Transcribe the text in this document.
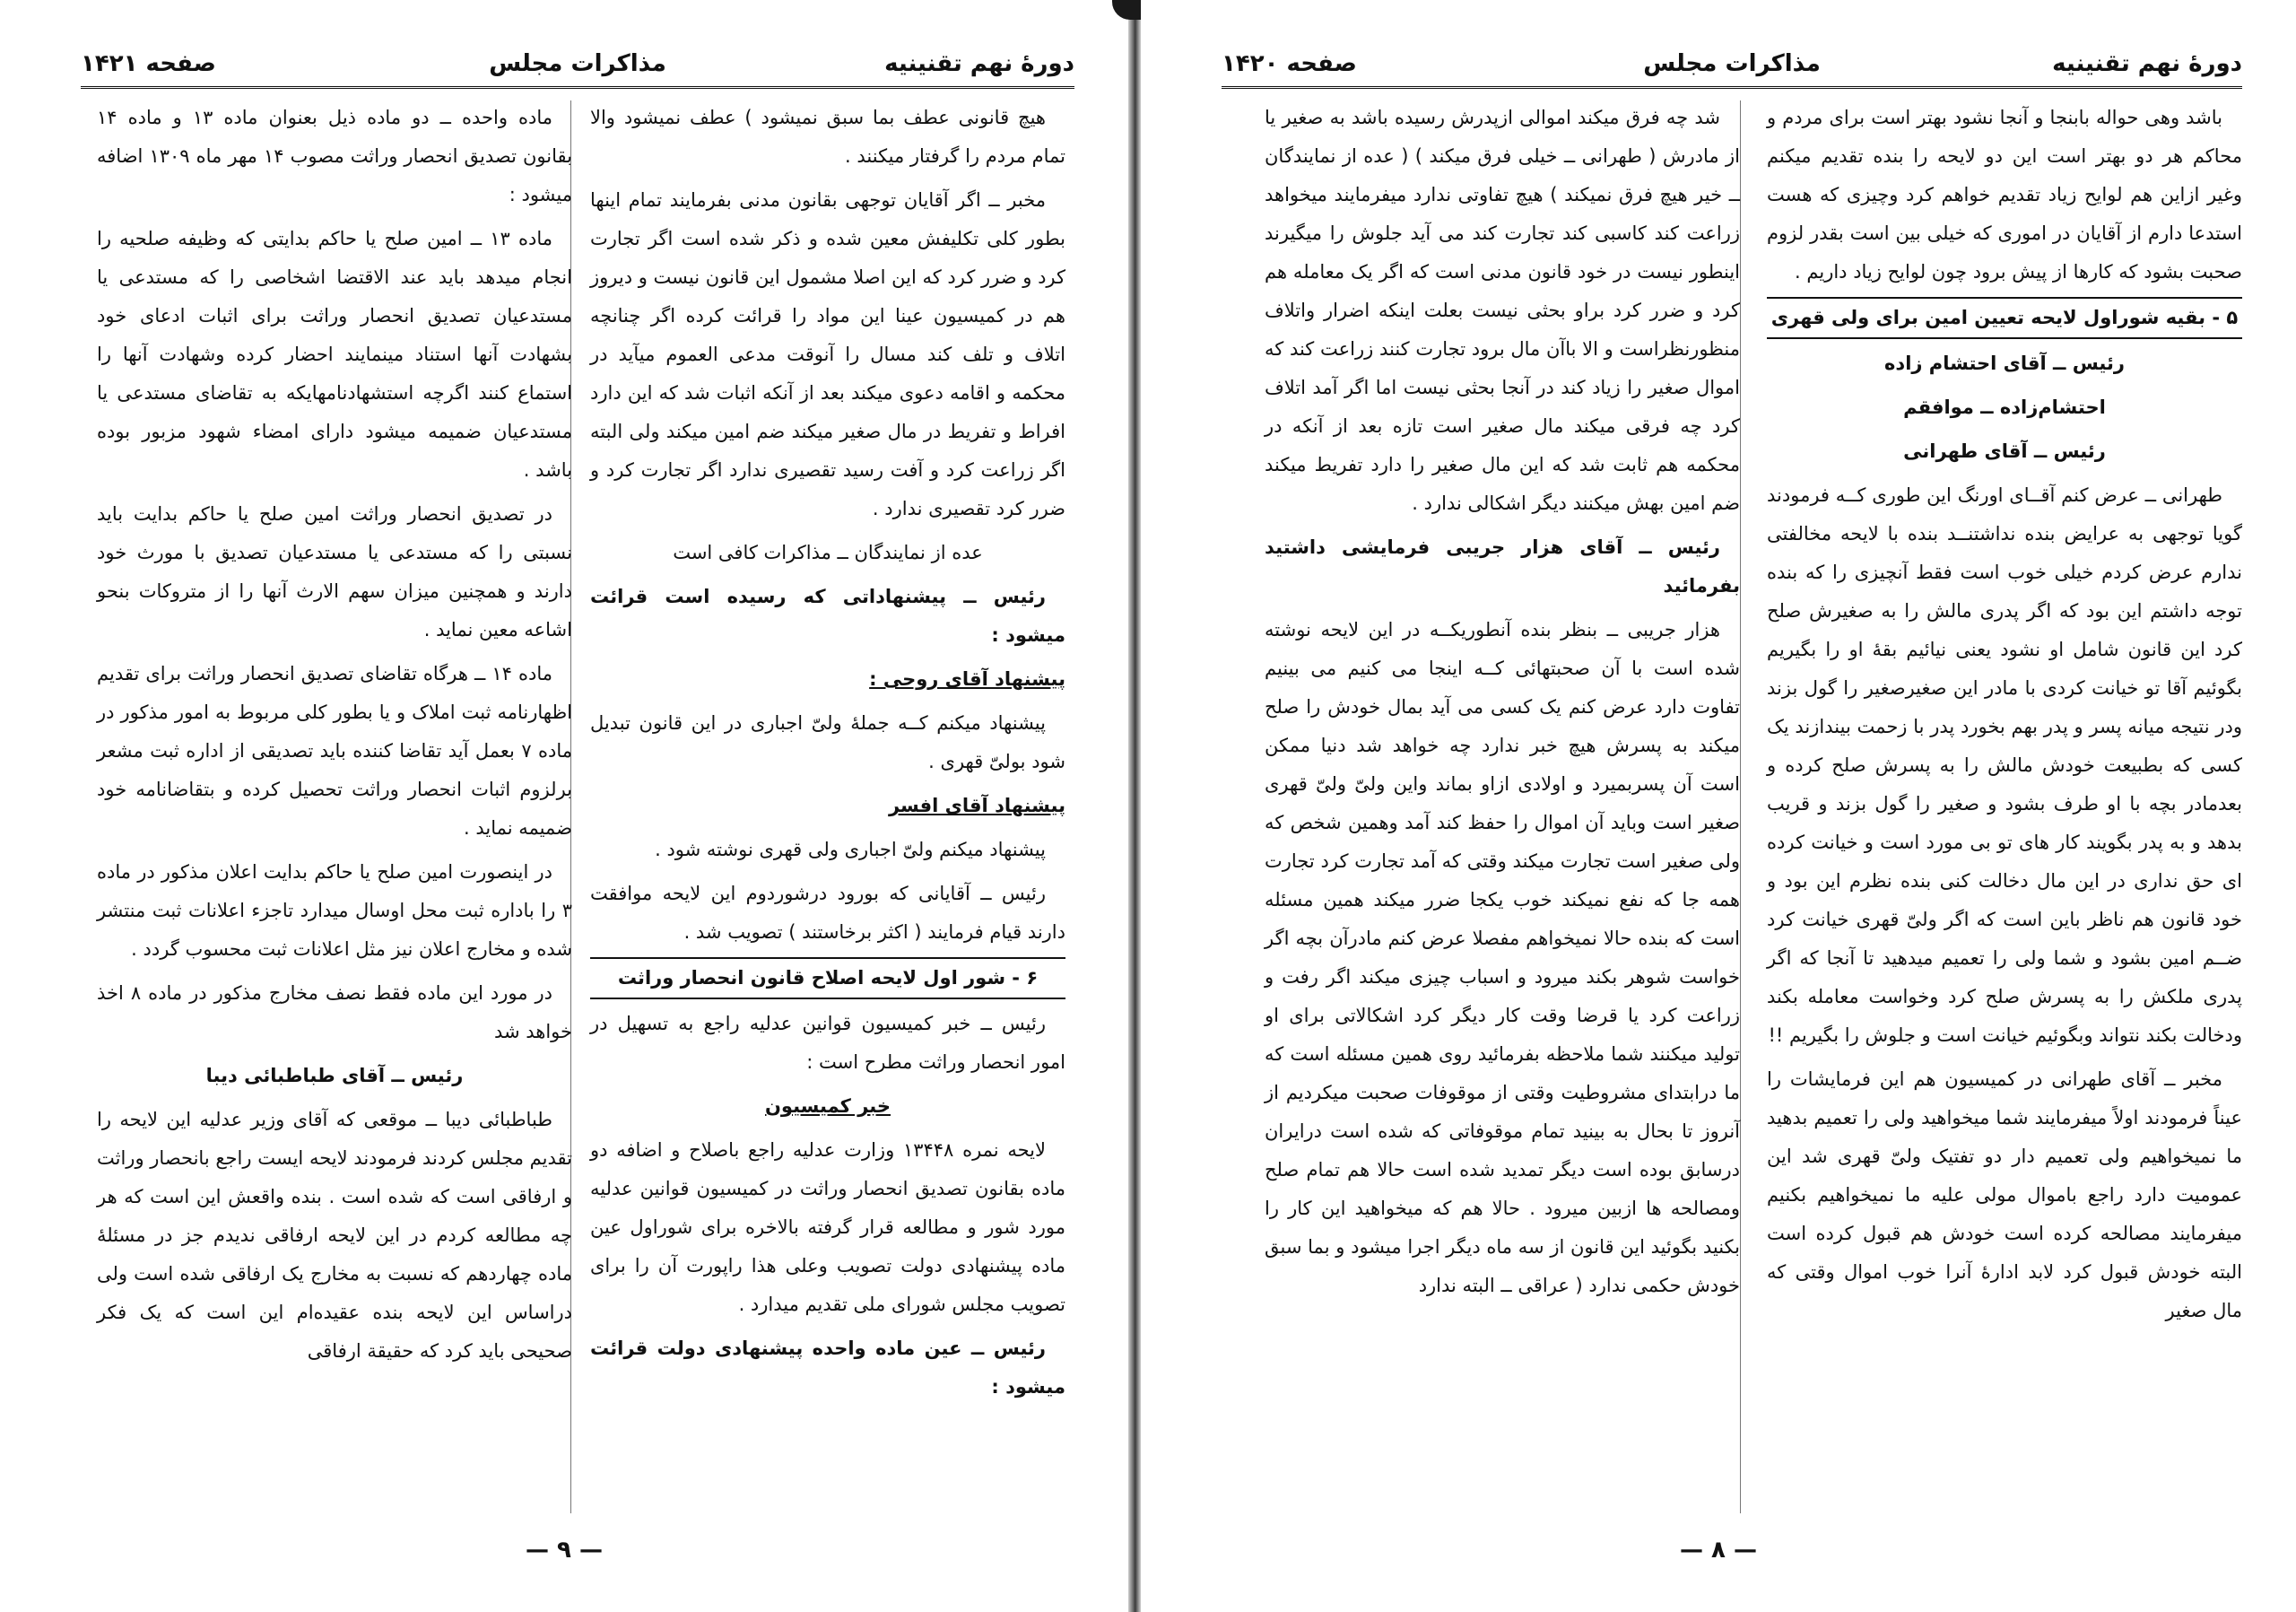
دورهٔ نهم تقنینیه
مذاکرات مجلس
صفحه ۱۴۲۱

هیچ قانونی عطف بما سبق نمیشود ) عطف نمیشود والا تمام مردم را گرفتار میکنند .

مخبر ــ اگر آقایان توجهی بقانون مدنی بفرمایند تمام اینها بطور کلی تکلیفش معین شده و ذکر شده است اگر تجارت کرد و ضرر کرد که این اصلا مشمول این قانون نیست و دیروز هم در کمیسیون عینا این مواد را قرائت کرده اگر چنانچه اتلاف و تلف کند مسال را آنوقت مدعی العموم میآید در محکمه و اقامه دعوی میکند بعد از آنکه اثبات شد که این دارد افراط و تفریط در مال صغیر میکند ضم امین میکند ولی البته اگر زراعت کرد و آفت رسید تقصیری ندارد اگر تجارت کرد و ضرر کرد تقصیری ندارد .

عده از نمایندگان ــ مذاکرات کافی است

رئیس ــ پیشنهاداتی که رسیده است قرائت میشود :

پیشنهاد آقای روحی :

پیشنهاد میکنم کــه جملهٔ ولیّ اجباری در این قانون تبدیل شود بولیّ قهری .

پیشنهاد آقای افسر

پیشنهاد میکنم ولیّ اجباری ولی قهری نوشته شود .

رئیس ــ آقایانی که بورود درشوردوم این لایحه موافقت دارند قیام فرمایند ( اکثر برخاستند ) تصویب شد .

۶ - شور اول لایحه اصلاح قانون انحصار وراثت

رئیس ــ خبر کمیسیون قوانین عدلیه راجع به تسهیل در امور انحصار وراثت مطرح است :

خبر کمیسیون

لایحه نمره ۱۳۴۴۸ وزارت عدلیه راجع باصلاح و اضافه دو ماده بقانون تصدیق انحصار وراثت در کمیسیون قوانین عدلیه مورد شور و مطالعه قرار گرفته بالاخره برای شوراول عین ماده پیشنهادی دولت تصویب وعلی هذا راپورت آن را برای تصویب مجلس شورای ملی تقدیم میدارد .

رئیس ــ عین ماده واحده پیشنهادی دولت قرائت میشود :

ماده واحده ــ دو ماده ذیل بعنوان ماده ۱۳ و ماده ۱۴ بقانون تصدیق انحصار وراثت مصوب ۱۴ مهر ماه ۱۳۰۹ اضافه میشود :

ماده ۱۳ ــ امین صلح یا حاکم بدایتی که وظیفه صلحیه را انجام میدهد باید عند الاقتضا اشخاصی را که مستدعی یا مستدعیان تصدیق انحصار وراثت برای اثبات ادعای خود بشهادت آنها استناد مینمایند احضار کرده وشهادت آنها را استماع کنند اگرچه استشهادنامهایکه به تقاضای مستدعی یا مستدعیان ضمیمه میشود دارای امضاء شهود مزبور بوده باشد .

در تصدیق انحصار وراثت امین صلح یا حاکم بدایت باید نسبتی را که مستدعی یا مستدعیان تصدیق با مورث خود دارند و همچنین میزان سهم الارث آنها را از متروکات بنحو اشاعه معین نماید .

ماده ۱۴ ــ هرگاه تقاضای تصدیق انحصار وراثت برای تقدیم اظهارنامه ثبت املاک و یا بطور کلی مربوط به امور مذکور در ماده ۷ بعمل آید تقاضا کننده باید تصدیقی از اداره ثبت مشعر برلزوم اثبات انحصار وراثت تحصیل کرده و بتقاضانامه خود ضمیمه نماید .

در اینصورت امین صلح یا حاکم بدایت اعلان مذکور در ماده ۳ را باداره ثبت محل اوسال میدارد تاجزء اعلانات ثبت منتشر شده و مخارج اعلان نیز مثل اعلانات ثبت محسوب گردد .

در مورد این ماده فقط نصف مخارج مذکور در ماده ۸ اخذ خواهد شد

رئیس ــ آقای طباطبائی دیبا

طباطبائی دیبا ــ موقعی که آقای وزیر عدلیه این لایحه را تقدیم مجلس کردند فرمودند لایحه ایست راجع بانحصار وراثت و ارفاقی است که شده است . بنده واقعش این است که هر چه مطالعه کردم در این لایحه ارفاقی ندیدم جز در مسئلهٔ ماده چهاردهم که نسبت به مخارج یک ارفاقی شده است ولی دراساس این لایحه بنده عقیده‌ام این است که یک فکر صحیحی باید کرد که حقیقة ارفاقی

— ۹ —
دورهٔ نهم تقنینیه
مذاکرات مجلس
صفحه ۱۴۲۰

باشد وهی حواله بابنجا و آنجا نشود بهتر است برای مردم و محاکم هر دو بهتر است این دو لایحه را بنده تقدیم میکنم وغیر ازاین هم لوایح زیاد تقدیم خواهم کرد وچیزی که هست استدعا دارم از آقایان در اموری که خیلی بین است بقدر لزوم صحبت بشود که کارها از پیش برود چون لوایح زیاد داریم .

۵ - بقیه شوراول لایحه تعیین امین برای ولی قهری

رئیس ــ آقای احتشام زاده

احتشام‌زاده ــ موافقم

رئیس ــ آقای طهرانی

طهرانی ــ عرض کنم آقــای اورنگ این طوری کــه فرمودند گویا توجهی به عرایض بنده نداشتنــد بنده با لایحه مخالفتی ندارم عرض کردم خیلی خوب است فقط آنچیزی را که بنده توجه داشتم این بود که اگر پدری مالش را به صغیرش صلح کرد این قانون شامل او نشود یعنی نیائیم بقهٔ او را بگیریم بگوئیم آقا تو خیانت کردی با مادر این صغیرصغیر را گول بزند ودر نتیجه میانه پسر و پدر بهم بخورد پدر با زحمت بیندازند یک کسی که بطبیعت خودش مالش را به پسرش صلح کرده و بعدمادر بچه با او طرف بشود و صغیر را گول بزند و قریب بدهد و به پدر بگویند کار های تو بی مورد است و خیانت کرده ای حق نداری در این مال دخالت کنی بنده نظرم این بود و خود قانون هم ناظر باین است که اگر ولیّ قهری خیانت کرد ضــم امین بشود و شما ولی را تعمیم میدهید تا آنجا که اگر پدری ملکش را به پسرش صلح کرد وخواست معامله بکند ودخالت بکند نتواند وبگوئیم خیانت است و جلوش را بگیریم !!

مخبر ــ آقای طهرانی در کمیسیون هم این فرمایشات را عیناً فرمودند اولاً میفرمایند شما میخواهید ولی را تعمیم بدهید ما نمیخواهیم ولی تعمیم دار دو تفتیک ولیّ قهری شد این عمومیت دارد راجع باموال مولی علیه ما نمیخواهیم بکنیم میفرمایند مصالحه کرده است خودش هم قبول کرده است البته خودش قبول کرد لابد ادارهٔ آنرا خوب اموال وقتی که مال صغیر

شد چه فرق میکند اموالی ازپدرش رسیده باشد به صغیر یا از مادرش ( طهرانی ــ خیلی فرق میکند ) ( عده از نمایندگان ــ خیر هیچ فرق نمیکند ) هیچ تفاوتی ندارد میفرمایند میخواهد زراعت کند کاسبی کند تجارت کند می آید جلوش را میگیرند اینطور نیست در خود قانون مدنی است که اگر یک معامله هم کرد و ضرر کرد براو بحثی نیست بعلت اینکه اضرار واتلاف منظورنظراست و الا باآن مال برود تجارت کنند زراعت کند که اموال صغیر را زیاد کند در آنجا بحثی نیست اما اگر آمد اتلاف کرد چه فرقی میکند مال صغیر است تازه بعد از آنکه در محکمه هم ثابت شد که این مال صغیر را دارد تفریط میکند ضم امین بهش میکنند دیگر اشکالی ندارد .

رئیس ــ آقای هزار جریبی فرمایشی داشتید بفرمائید

هزار جریبی ــ بنظر بنده آنطوریکــه در این لایحه نوشته شده است با آن صحبتهائی کــه اینجا می کنیم می بینیم تفاوت دارد عرض کنم یک کسی می آید بمال خودش را صلح میکند به پسرش هیچ خبر ندارد چه خواهد شد دنیا ممکن است آن پسربمیرد و اولادی ازاو بماند واین ولیّ ولیّ قهری صغیر است وباید آن اموال را حفظ کند آمد وهمین شخص که ولی صغیر است تجارت میکند وقتی که آمد تجارت کرد تجارت همه جا که نفع نمیکند خوب یکجا ضرر میکند همین مسئله است که بنده حالا نمیخواهم مفصلا عرض کنم مادرآن بچه اگر خواست شوهر بکند میرود و اسباب چیزی میکند اگر رفت و زراعت کرد یا قرضا وقت کار دیگر کرد اشکالاتی برای او تولید میکنند شما ملاحظه بفرمائید روی همین مسئله است که ما درابتدای مشروطیت وقتی از موقوفات صحبت میکردیم از آنروز تا بحال به بینید تمام موقوفاتی که شده است درایران درسابق بوده است دیگر تمدید شده است حالا هم تمام صلح ومصالحه ها ازبین میرود . حالا هم که میخواهید این کار را بکنید بگوئید این قانون از سه ماه دیگر اجرا میشود و بما سبق خودش حکمی ندارد ( عراقی ــ البته ندارد

— ۸ —
